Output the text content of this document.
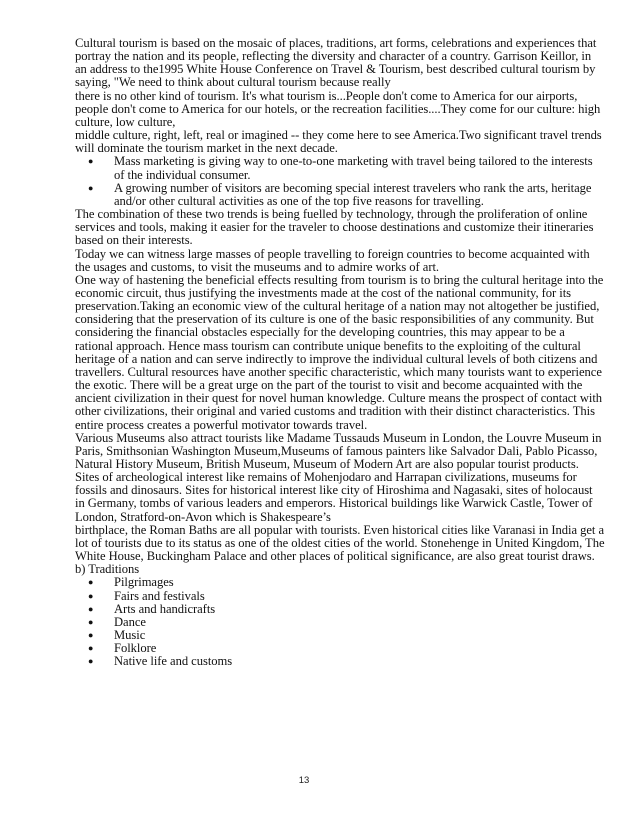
Cultural tourism is based on the mosaic of places, traditions, art forms, celebrations and experiences that portray the nation and its people, reflecting the diversity and character of a country. Garrison Keillor, in an address to the1995 White House Conference on Travel & Tourism, best described cultural tourism by saying, "We need to think about cultural tourism because really

there is no other kind of tourism. It's what tourism is...People don't come to America for our airports, people don't come to America for our hotels, or the recreation facilities....They come for our culture: high culture, low culture,

middle culture, right, left, real or imagined -- they come here to see America.Two significant travel trends will dominate the tourism market in the next decade.

● Mass marketing is giving way to one-to-one marketing with travel being tailored to the interests of the individual consumer.
● A growing number of visitors are becoming special interest travelers who rank the arts, heritage and/or other cultural activities as one of the top five reasons for travelling.

The combination of these two trends is being fuelled by technology, through the proliferation of online services and tools, making it easier for the traveler to choose destinations and customize their itineraries based on their interests.

Today we can witness large masses of people travelling to foreign countries to become acquainted with the usages and customs, to visit the museums and to admire works of art.

One way of hastening the beneficial effects resulting from tourism is to bring the cultural heritage into the economic circuit, thus justifying the investments made at the cost of the national community, for its preservation.Taking an economic view of the cultural heritage of a nation may not altogether be justified, considering that the preservation of its culture is one of the basic responsibilities of any community. But considering the financial obstacles especially for the developing countries, this may appear to be a rational approach. Hence mass tourism can contribute unique benefits to the exploiting of the cultural heritage of a nation and can serve indirectly to improve the individual cultural levels of both citizens and travellers. Cultural resources have another specific characteristic, which many tourists want to experience the exotic. There will be a great urge on the part of the tourist to visit and become acquainted with the ancient civilization in their quest for novel human knowledge. Culture means the prospect of contact with other civilizations, their original and varied customs and tradition with their distinct characteristics. This entire process creates a powerful motivator towards travel.

Various Museums also attract tourists like Madame Tussauds Museum in London, the Louvre Museum in Paris, Smithsonian Washington Museum,Museums of famous painters like Salvador Dali, Pablo Picasso, Natural History Museum, British Museum, Museum of Modern Art are also popular tourist products. Sites of archeological interest like remains of Mohenjodaro and Harrapan civilizations, museums for fossils and dinosaurs. Sites for historical interest like city of Hiroshima and Nagasaki, sites of holocaust in Germany, tombs of various leaders and emperors. Historical buildings like Warwick Castle, Tower of London, Stratford-on-Avon which is Shakespeare’s

birthplace, the Roman Baths are all popular with tourists. Even historical cities like Varanasi in India get a lot of tourists due to its status as one of the oldest cities of the world. Stonehenge in United Kingdom, The White House, Buckingham Palace and other places of political significance, are also great tourist draws.

b) Traditions

● Pilgrimages
● Fairs and festivals
● Arts and handicrafts
● Dance
● Music
● Folklore
● Native life and customs
13
